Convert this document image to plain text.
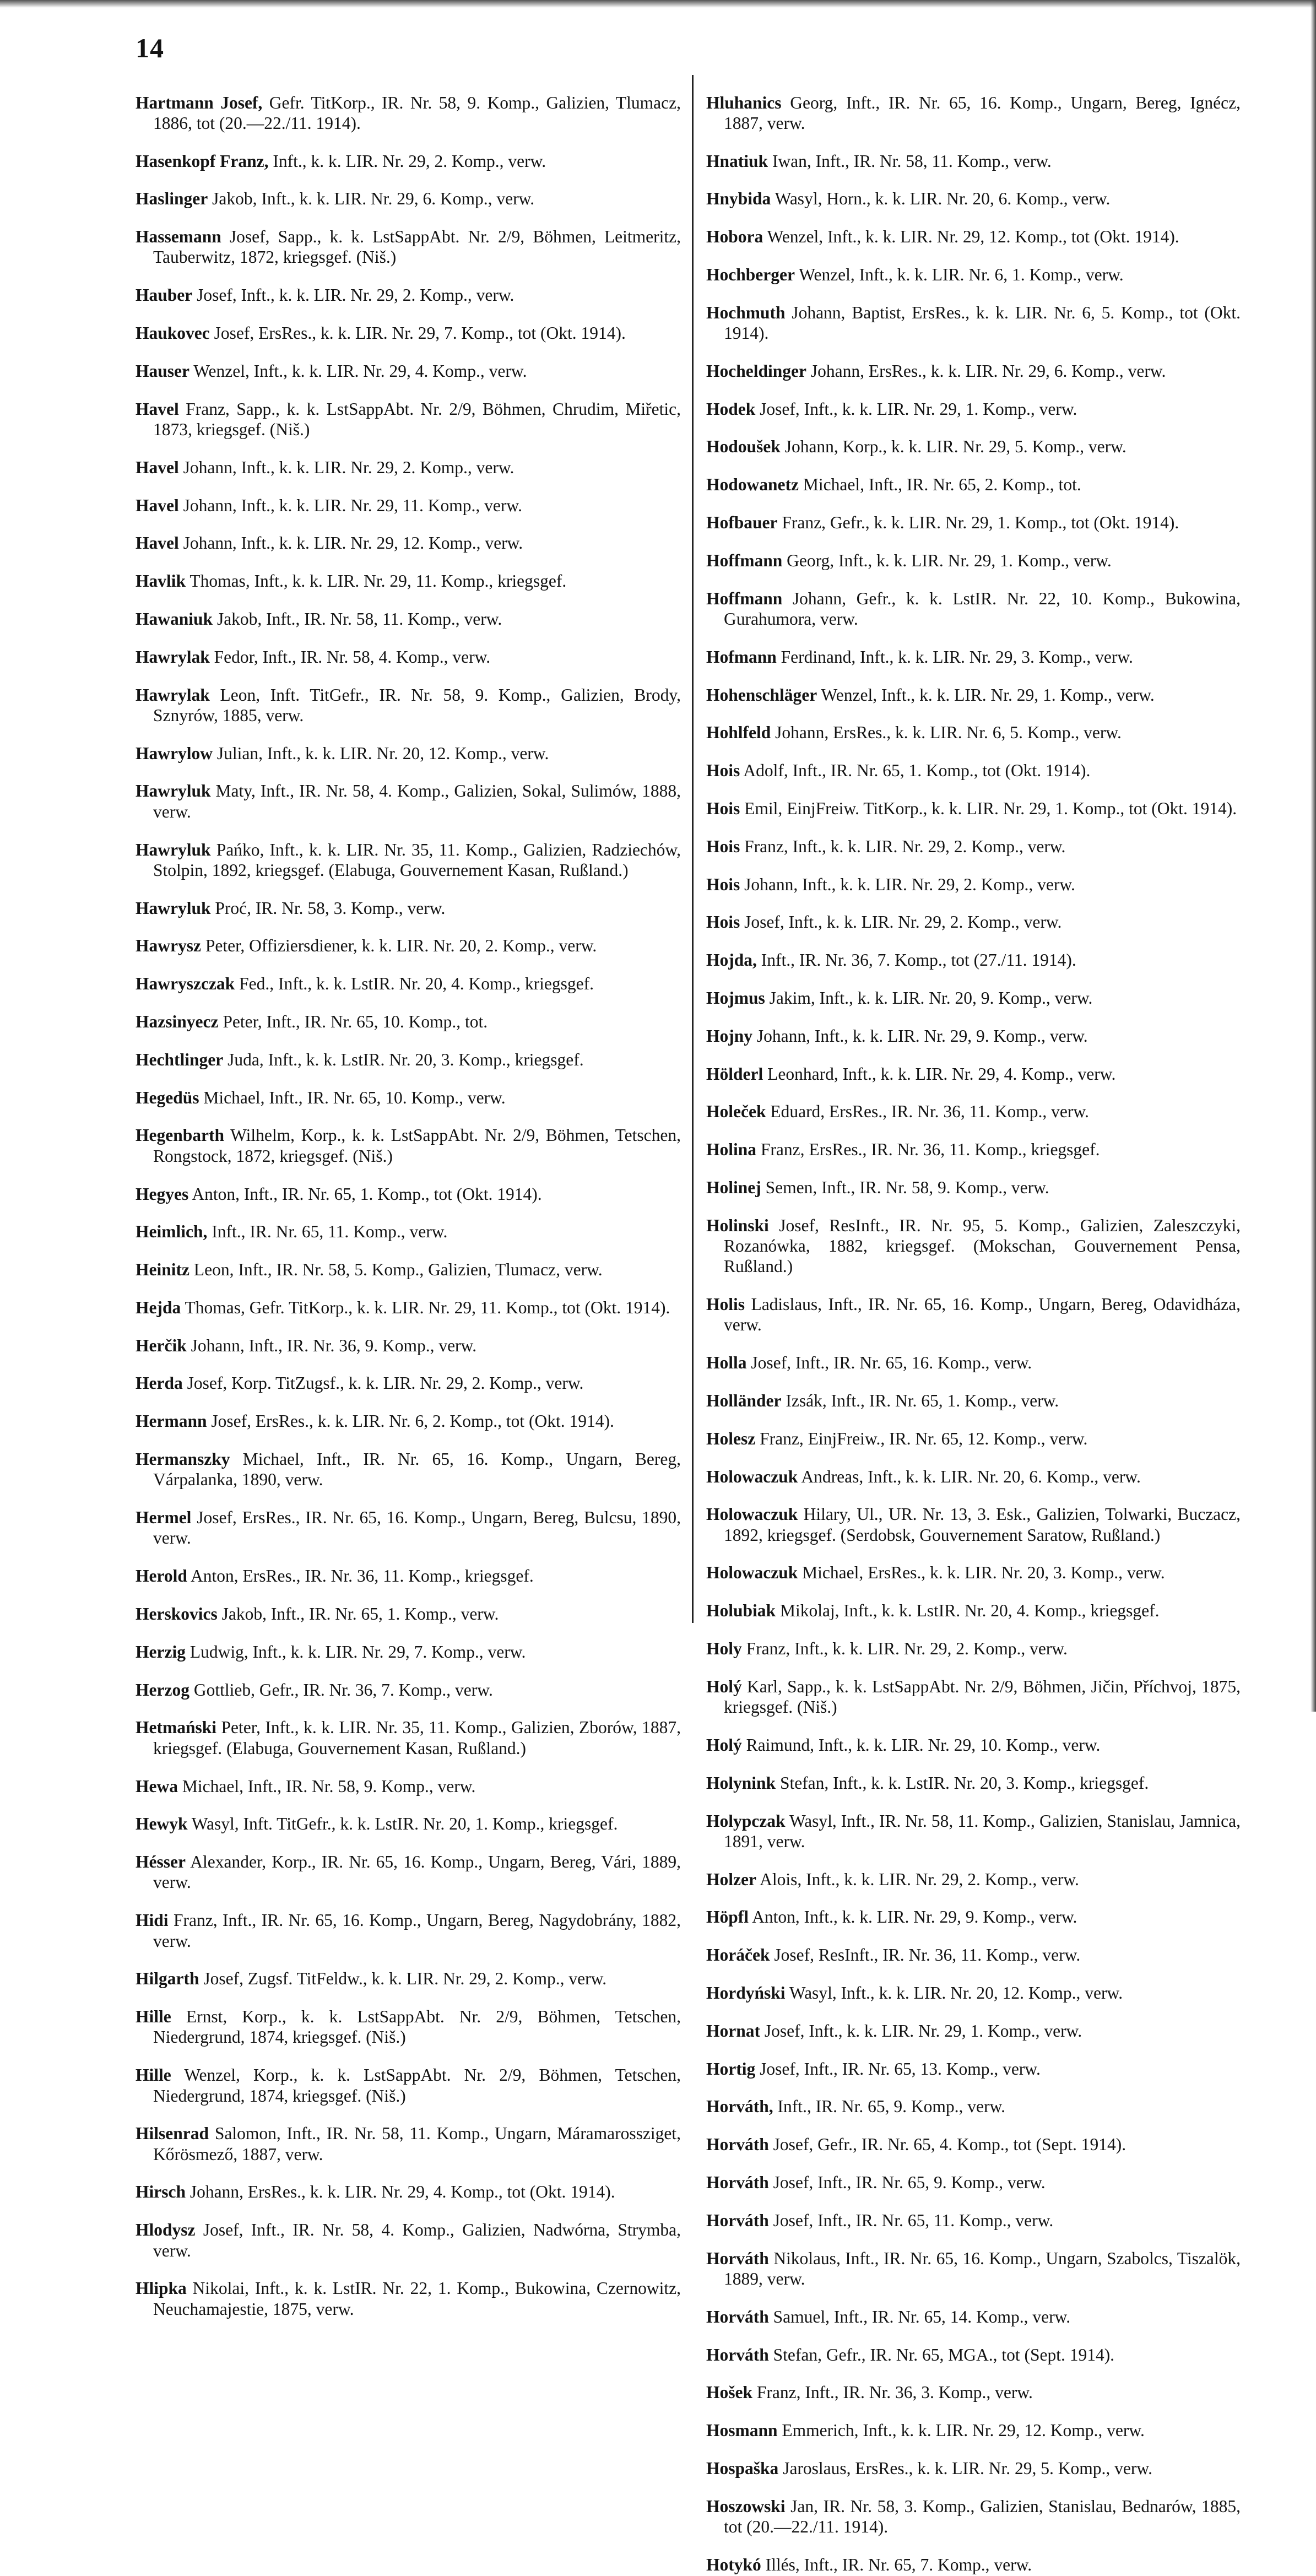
14

Hartmann Josef, Gefr. TitKorp., IR. Nr. 58, 9. Komp., Galizien, Tlumacz, 1886, tot (20.—22./11. 1914).

Hasenkopf Franz, Inft., k. k. LIR. Nr. 29, 2. Komp., verw.

Haslinger Jakob, Inft., k. k. LIR. Nr. 29, 6. Komp., verw.

Hassemann Josef, Sapp., k. k. LstSappAbt. Nr. 2/9, Böhmen, Leitmeritz, Tauberwitz, 1872, kriegsgef. (Niš.)

Hauber Josef, Inft., k. k. LIR. Nr. 29, 2. Komp., verw.

Haukovec Josef, ErsRes., k. k. LIR. Nr. 29, 7. Komp., tot (Okt. 1914).

Hauser Wenzel, Inft., k. k. LIR. Nr. 29, 4. Komp., verw.

Havel Franz, Sapp., k. k. LstSappAbt. Nr. 2/9, Böhmen, Chrudim, Miřetic, 1873, kriegsgef. (Niš.)

Havel Johann, Inft., k. k. LIR. Nr. 29, 2. Komp., verw.

Havel Johann, Inft., k. k. LIR. Nr. 29, 11. Komp., verw.

Havel Johann, Inft., k. k. LIR. Nr. 29, 12. Komp., verw.

Havlik Thomas, Inft., k. k. LIR. Nr. 29, 11. Komp., kriegsgef.

Hawaniuk Jakob, Inft., IR. Nr. 58, 11. Komp., verw.

Hawrylak Fedor, Inft., IR. Nr. 58, 4. Komp., verw.

Hawrylak Leon, Inft. TitGefr., IR. Nr. 58, 9. Komp., Galizien, Brody, Sznyrów, 1885, verw.

Hawrylow Julian, Inft., k. k. LIR. Nr. 20, 12. Komp., verw.

Hawryluk Maty, Inft., IR. Nr. 58, 4. Komp., Galizien, Sokal, Sulimów, 1888, verw.

Hawryluk Pańko, Inft., k. k. LIR. Nr. 35, 11. Komp., Galizien, Radziechów, Stolpin, 1892, kriegsgef. (Elabuga, Gouvernement Kasan, Rußland.)

Hawryluk Proć, IR. Nr. 58, 3. Komp., verw.

Hawrysz Peter, Offiziersdiener, k. k. LIR. Nr. 20, 2. Komp., verw.

Hawryszczak Fed., Inft., k. k. LstIR. Nr. 20, 4. Komp., kriegsgef.

Hazsinyecz Peter, Inft., IR. Nr. 65, 10. Komp., tot.

Hechtlinger Juda, Inft., k. k. LstIR. Nr. 20, 3. Komp., kriegsgef.

Hegedüs Michael, Inft., IR. Nr. 65, 10. Komp., verw.

Hegenbarth Wilhelm, Korp., k. k. LstSappAbt. Nr. 2/9, Böhmen, Tetschen, Rongstock, 1872, kriegsgef. (Niš.)

Hegyes Anton, Inft., IR. Nr. 65, 1. Komp., tot (Okt. 1914).

Heimlich, Inft., IR. Nr. 65, 11. Komp., verw.

Heinitz Leon, Inft., IR. Nr. 58, 5. Komp., Galizien, Tlumacz, verw.

Hejda Thomas, Gefr. TitKorp., k. k. LIR. Nr. 29, 11. Komp., tot (Okt. 1914).

Herčik Johann, Inft., IR. Nr. 36, 9. Komp., verw.

Herda Josef, Korp. TitZugsf., k. k. LIR. Nr. 29, 2. Komp., verw.

Hermann Josef, ErsRes., k. k. LIR. Nr. 6, 2. Komp., tot (Okt. 1914).

Hermanszky Michael, Inft., IR. Nr. 65, 16. Komp., Ungarn, Bereg, Várpalanka, 1890, verw.

Hermel Josef, ErsRes., IR. Nr. 65, 16. Komp., Ungarn, Bereg, Bulcsu, 1890, verw.

Herold Anton, ErsRes., IR. Nr. 36, 11. Komp., kriegsgef.

Herskovics Jakob, Inft., IR. Nr. 65, 1. Komp., verw.

Herzig Ludwig, Inft., k. k. LIR. Nr. 29, 7. Komp., verw.

Herzog Gottlieb, Gefr., IR. Nr. 36, 7. Komp., verw.

Hetmański Peter, Inft., k. k. LIR. Nr. 35, 11. Komp., Galizien, Zborów, 1887, kriegsgef. (Elabuga, Gouvernement Kasan, Rußland.)

Hewa Michael, Inft., IR. Nr. 58, 9. Komp., verw.

Hewyk Wasyl, Inft. TitGefr., k. k. LstIR. Nr. 20, 1. Komp., kriegsgef.

Hésser Alexander, Korp., IR. Nr. 65, 16. Komp., Ungarn, Bereg, Vári, 1889, verw.

Hidi Franz, Inft., IR. Nr. 65, 16. Komp., Ungarn, Bereg, Nagydobrány, 1882, verw.

Hilgarth Josef, Zugsf. TitFeldw., k. k. LIR. Nr. 29, 2. Komp., verw.

Hille Ernst, Korp., k. k. LstSappAbt. Nr. 2/9, Böhmen, Tetschen, Niedergrund, 1874, kriegsgef. (Niš.)

Hille Wenzel, Korp., k. k. LstSappAbt. Nr. 2/9, Böhmen, Tetschen, Niedergrund, 1874, kriegsgef. (Niš.)

Hilsenrad Salomon, Inft., IR. Nr. 58, 11. Komp., Ungarn, Máramarossziget, Kőrösmező, 1887, verw.

Hirsch Johann, ErsRes., k. k. LIR. Nr. 29, 4. Komp., tot (Okt. 1914).

Hlodysz Josef, Inft., IR. Nr. 58, 4. Komp., Galizien, Nadwórna, Strymba, verw.

Hlipka Nikolai, Inft., k. k. LstIR. Nr. 22, 1. Komp., Bukowina, Czernowitz, Neuchamajestie, 1875, verw.

Hluhanics Georg, Inft., IR. Nr. 65, 16. Komp., Ungarn, Bereg, Ignécz, 1887, verw.

Hnatiuk Iwan, Inft., IR. Nr. 58, 11. Komp., verw.

Hnybida Wasyl, Horn., k. k. LIR. Nr. 20, 6. Komp., verw.

Hobora Wenzel, Inft., k. k. LIR. Nr. 29, 12. Komp., tot (Okt. 1914).

Hochberger Wenzel, Inft., k. k. LIR. Nr. 6, 1. Komp., verw.

Hochmuth Johann, Baptist, ErsRes., k. k. LIR. Nr. 6, 5. Komp., tot (Okt. 1914).

Hocheldinger Johann, ErsRes., k. k. LIR. Nr. 29, 6. Komp., verw.

Hodek Josef, Inft., k. k. LIR. Nr. 29, 1. Komp., verw.

Hodoušek Johann, Korp., k. k. LIR. Nr. 29, 5. Komp., verw.

Hodowanetz Michael, Inft., IR. Nr. 65, 2. Komp., tot.

Hofbauer Franz, Gefr., k. k. LIR. Nr. 29, 1. Komp., tot (Okt. 1914).

Hoffmann Georg, Inft., k. k. LIR. Nr. 29, 1. Komp., verw.

Hoffmann Johann, Gefr., k. k. LstIR. Nr. 22, 10. Komp., Bukowina, Gurahumora, verw.

Hofmann Ferdinand, Inft., k. k. LIR. Nr. 29, 3. Komp., verw.

Hohenschläger Wenzel, Inft., k. k. LIR. Nr. 29, 1. Komp., verw.

Hohlfeld Johann, ErsRes., k. k. LIR. Nr. 6, 5. Komp., verw.

Hois Adolf, Inft., IR. Nr. 65, 1. Komp., tot (Okt. 1914).

Hois Emil, EinjFreiw. TitKorp., k. k. LIR. Nr. 29, 1. Komp., tot (Okt. 1914).

Hois Franz, Inft., k. k. LIR. Nr. 29, 2. Komp., verw.

Hois Johann, Inft., k. k. LIR. Nr. 29, 2. Komp., verw.

Hois Josef, Inft., k. k. LIR. Nr. 29, 2. Komp., verw.

Hojda, Inft., IR. Nr. 36, 7. Komp., tot (27./11. 1914).

Hojmus Jakim, Inft., k. k. LIR. Nr. 20, 9. Komp., verw.

Hojny Johann, Inft., k. k. LIR. Nr. 29, 9. Komp., verw.

Hölderl Leonhard, Inft., k. k. LIR. Nr. 29, 4. Komp., verw.

Holeček Eduard, ErsRes., IR. Nr. 36, 11. Komp., verw.

Holina Franz, ErsRes., IR. Nr. 36, 11. Komp., kriegsgef.

Holinej Semen, Inft., IR. Nr. 58, 9. Komp., verw.

Holinski Josef, ResInft., IR. Nr. 95, 5. Komp., Galizien, Zaleszczyki, Rozanówka, 1882, kriegsgef. (Mokschan, Gouvernement Pensa, Rußland.)

Holis Ladislaus, Inft., IR. Nr. 65, 16. Komp., Ungarn, Bereg, Odavidháza, verw.

Holla Josef, Inft., IR. Nr. 65, 16. Komp., verw.

Holländer Izsák, Inft., IR. Nr. 65, 1. Komp., verw.

Holesz Franz, EinjFreiw., IR. Nr. 65, 12. Komp., verw.

Holowaczuk Andreas, Inft., k. k. LIR. Nr. 20, 6. Komp., verw.

Holowaczuk Hilary, Ul., UR. Nr. 13, 3. Esk., Galizien, Tolwarki, Buczacz, 1892, kriegsgef. (Serdobsk, Gouvernement Saratow, Rußland.)

Holowaczuk Michael, ErsRes., k. k. LIR. Nr. 20, 3. Komp., verw.

Holubiak Mikolaj, Inft., k. k. LstIR. Nr. 20, 4. Komp., kriegsgef.

Holy Franz, Inft., k. k. LIR. Nr. 29, 2. Komp., verw.

Holý Karl, Sapp., k. k. LstSappAbt. Nr. 2/9, Böhmen, Jičin, Příchvoj, 1875, kriegsgef. (Niš.)

Holý Raimund, Inft., k. k. LIR. Nr. 29, 10. Komp., verw.

Holynink Stefan, Inft., k. k. LstIR. Nr. 20, 3. Komp., kriegsgef.

Holypczak Wasyl, Inft., IR. Nr. 58, 11. Komp., Galizien, Stanislau, Jamnica, 1891, verw.

Holzer Alois, Inft., k. k. LIR. Nr. 29, 2. Komp., verw.

Höpfl Anton, Inft., k. k. LIR. Nr. 29, 9. Komp., verw.

Horáček Josef, ResInft., IR. Nr. 36, 11. Komp., verw.

Hordyński Wasyl, Inft., k. k. LIR. Nr. 20, 12. Komp., verw.

Hornat Josef, Inft., k. k. LIR. Nr. 29, 1. Komp., verw.

Hortig Josef, Inft., IR. Nr. 65, 13. Komp., verw.

Horváth, Inft., IR. Nr. 65, 9. Komp., verw.

Horváth Josef, Gefr., IR. Nr. 65, 4. Komp., tot (Sept. 1914).

Horváth Josef, Inft., IR. Nr. 65, 9. Komp., verw.

Horváth Josef, Inft., IR. Nr. 65, 11. Komp., verw.

Horváth Nikolaus, Inft., IR. Nr. 65, 16. Komp., Ungarn, Szabolcs, Tiszalök, 1889, verw.

Horváth Samuel, Inft., IR. Nr. 65, 14. Komp., verw.

Horváth Stefan, Gefr., IR. Nr. 65, MGA., tot (Sept. 1914).

Hošek Franz, Inft., IR. Nr. 36, 3. Komp., verw.

Hosmann Emmerich, Inft., k. k. LIR. Nr. 29, 12. Komp., verw.

Hospaška Jaroslaus, ErsRes., k. k. LIR. Nr. 29, 5. Komp., verw.

Hoszowski Jan, IR. Nr. 58, 3. Komp., Galizien, Stanislau, Bednarów, 1885, tot (20.—22./11. 1914).

Hotykó Illés, Inft., IR. Nr. 65, 7. Komp., verw.
